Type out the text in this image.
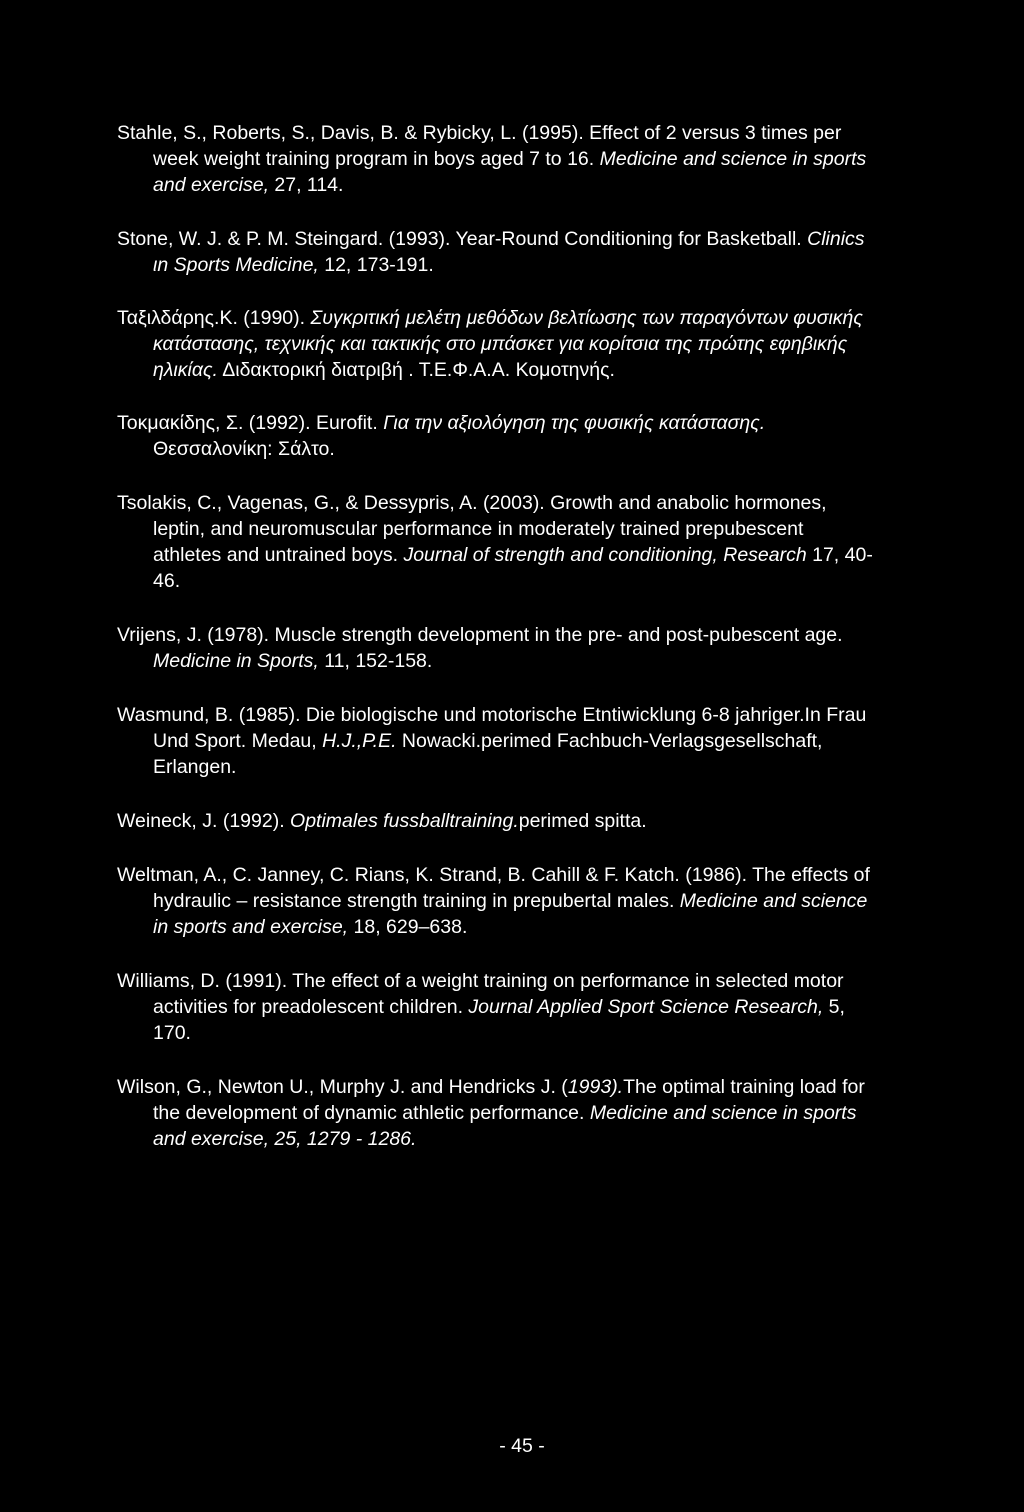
Stahle, S., Roberts, S., Davis, B. & Rybicky, L. (1995). Effect of 2 versus 3 times per week weight training program in boys aged 7 to 16. Medicine and science in sports and exercise, 27, 114.

Stone, W. J. & P. M. Steingard. (1993). Year-Round Conditioning for Basketball. Clinics ιn Sports Medicine, 12, 173-191.

Ταξιλδάρης.Κ. (1990). Συγκριτική μελέτη μεθόδων βελτίωσης των παραγόντων φυσικής κατάστασης, τεχνικής και τακτικής στο μπάσκετ για κορίτσια της πρώτης εφηβικής ηλικίας. Διδακτορική διατριβή . Τ.Ε.Φ.Α.Α. Κομοτηνής.

Τοκμακίδης, Σ. (1992). Eurofit. Για την αξιολόγηση της φυσικής κατάστασης. Θεσσαλονίκη: Σάλτο.

Tsolakis, C., Vagenas, G., & Dessypris, A. (2003). Growth and anabolic hormones, leptin, and neuromuscular performance in moderately trained prepubescent athletes and untrained boys. Journal of strength and conditioning, Research 17, 40-46.

Vrijens, J. (1978). Muscle strength development in the pre- and post-pubescent age. Medicine in Sports, 11, 152-158.

Wasmund, B. (1985). Die biologische und motorische Etntiwicklung 6-8 jahriger.In Frau Und Sport. Medau, H.J.,P.E. Nowacki.perimed Fachbuch-Verlagsgesellschaft, Erlangen.

Weineck, J. (1992). Optimales fussballtraining.perimed spitta.

Weltman, A., C. Janney, C. Rians, K. Strand, B. Cahill & F. Katch. (1986). The effects of hydraulic – resistance strength training in prepubertal males. Medicine and science in sports and exercise, 18, 629–638.

Williams, D. (1991). The effect of a weight training on performance in selected motor activities for preadolescent children. Journal Applied Sport Science Research, 5, 170.

Wilson, G., Newton U., Murphy J. and Hendricks J. (1993).The optimal training load for the development of dynamic athletic performance. Medicine and science in sports and exercise, 25, 1279 - 1286.

- 45 -
